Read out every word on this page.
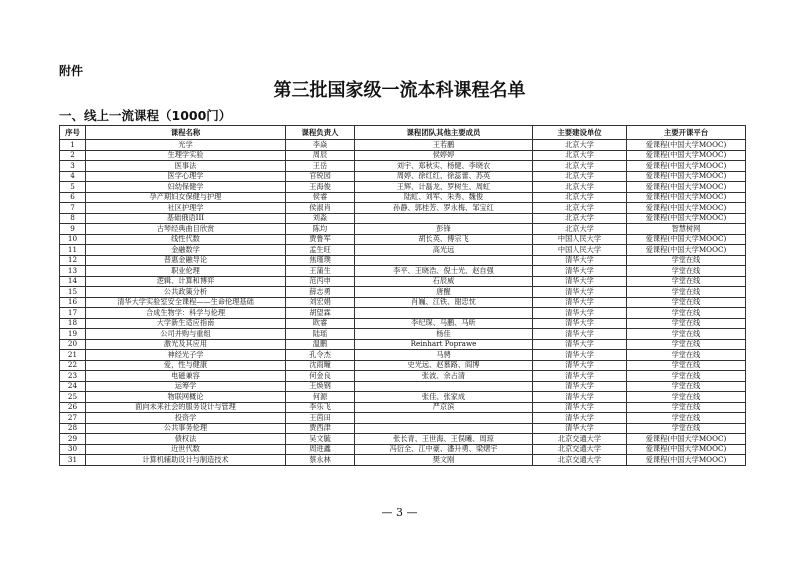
附件
第三批国家级一流本科课程名单
一、线上一流课程（1000门）
序号	课程名称	课程负责人	课程团队其他主要成员	主要建设单位	主要开课平台
1	光学	李焱	王若鹏	北京大学	爱课程(中国大学MOOC)
2	生理学实验	周辰	侯婷婷	北京大学	爱课程(中国大学MOOC)
3	医事法	王岳	刘宇、郑秋实、杨健、李晓农	北京大学	爱课程(中国大学MOOC)
4	医学心理学	官锐园	周婷、徐红红、徐蕊蕾、苏英	北京大学	爱课程(中国大学MOOC)
5	妇幼保健学	王海俊	王辉、计磊龙、罗树生、周虹	北京大学	爱课程(中国大学MOOC)
6	孕产期妇女保健与护理	侯睿	陆虹、刘军、朱秀、魏俊	北京大学	爱课程(中国大学MOOC)
7	社区护理学	侯淑肖	孙静、郭桂芳、罗永梅、邹宝红	北京大学	爱课程(中国大学MOOC)
8	基础俄语III	刘淼		北京大学	爱课程(中国大学MOOC)
9	古琴经典曲目欣赏	陈均	彭锋	北京大学	智慧树网
10	线性代数	贾鲁军	胡长英、傅宗飞	中国人民大学	爱课程(中国大学MOOC)
11	金融数学	孟生旺	高光远	中国人民大学	爱课程(中国大学MOOC)
12	普惠金融导论	焦瑾璞		清华大学	学堂在线
13	职业伦理	王蒲生	李平、王晓浩、倪士光、赵自强	清华大学	学堂在线
14	逻辑、计算和博弈	范丙申	石辰威	清华大学	学堂在线
15	公共政策分析	薛志勇	唐醒	清华大学	学堂在线
16	清华大学实验室安全课程——生命伦理基础	刘宏娟	肖巍、江铁、谢忠忱	清华大学	学堂在线
17	合成生物学：科学与伦理	胡望霖		清华大学	学堂在线
18	大学新生适应指南	欧睿	李纪琛、马鹏、马昕	清华大学	学堂在线
19	公司并购与重组	陆瑶	杨佳	清华大学	学堂在线
20	激光及其应用	温鹏	Reinhart Poprawe	清华大学	学堂在线
21	神经光子学	孔令杰	马骋	清华大学	学堂在线
22	爱，性与健康	沈雨疃	史光远、赵慕路、阎博	清华大学	学堂在线
23	电磁兼容	何金良	张波、余占清	清华大学	学堂在线
24	运筹学	王焕钢		清华大学	学堂在线
25	物联网概论	何源	张佳、张家成	清华大学	学堂在线
26	面向未来社会的服务设计与管理	李乐飞	严京滨	清华大学	学堂在线
27	投资学	王茵田		清华大学	学堂在线
28	公共事务伦理	贾西津		清华大学	学堂在线
29	债权法	吴文毓	张长青、王世海、王俣曦、周琼	北京交通大学	爱课程(中国大学MOOC)
30	近世代数	周进鑫	冯衍全、江中豪、潘升勇、梁熠宇	北京交通大学	爱课程(中国大学MOOC)
31	计算机辅助设计与制造技术	蔡永林	樊文刚	北京交通大学	爱课程(中国大学MOOC)
— 3 —
